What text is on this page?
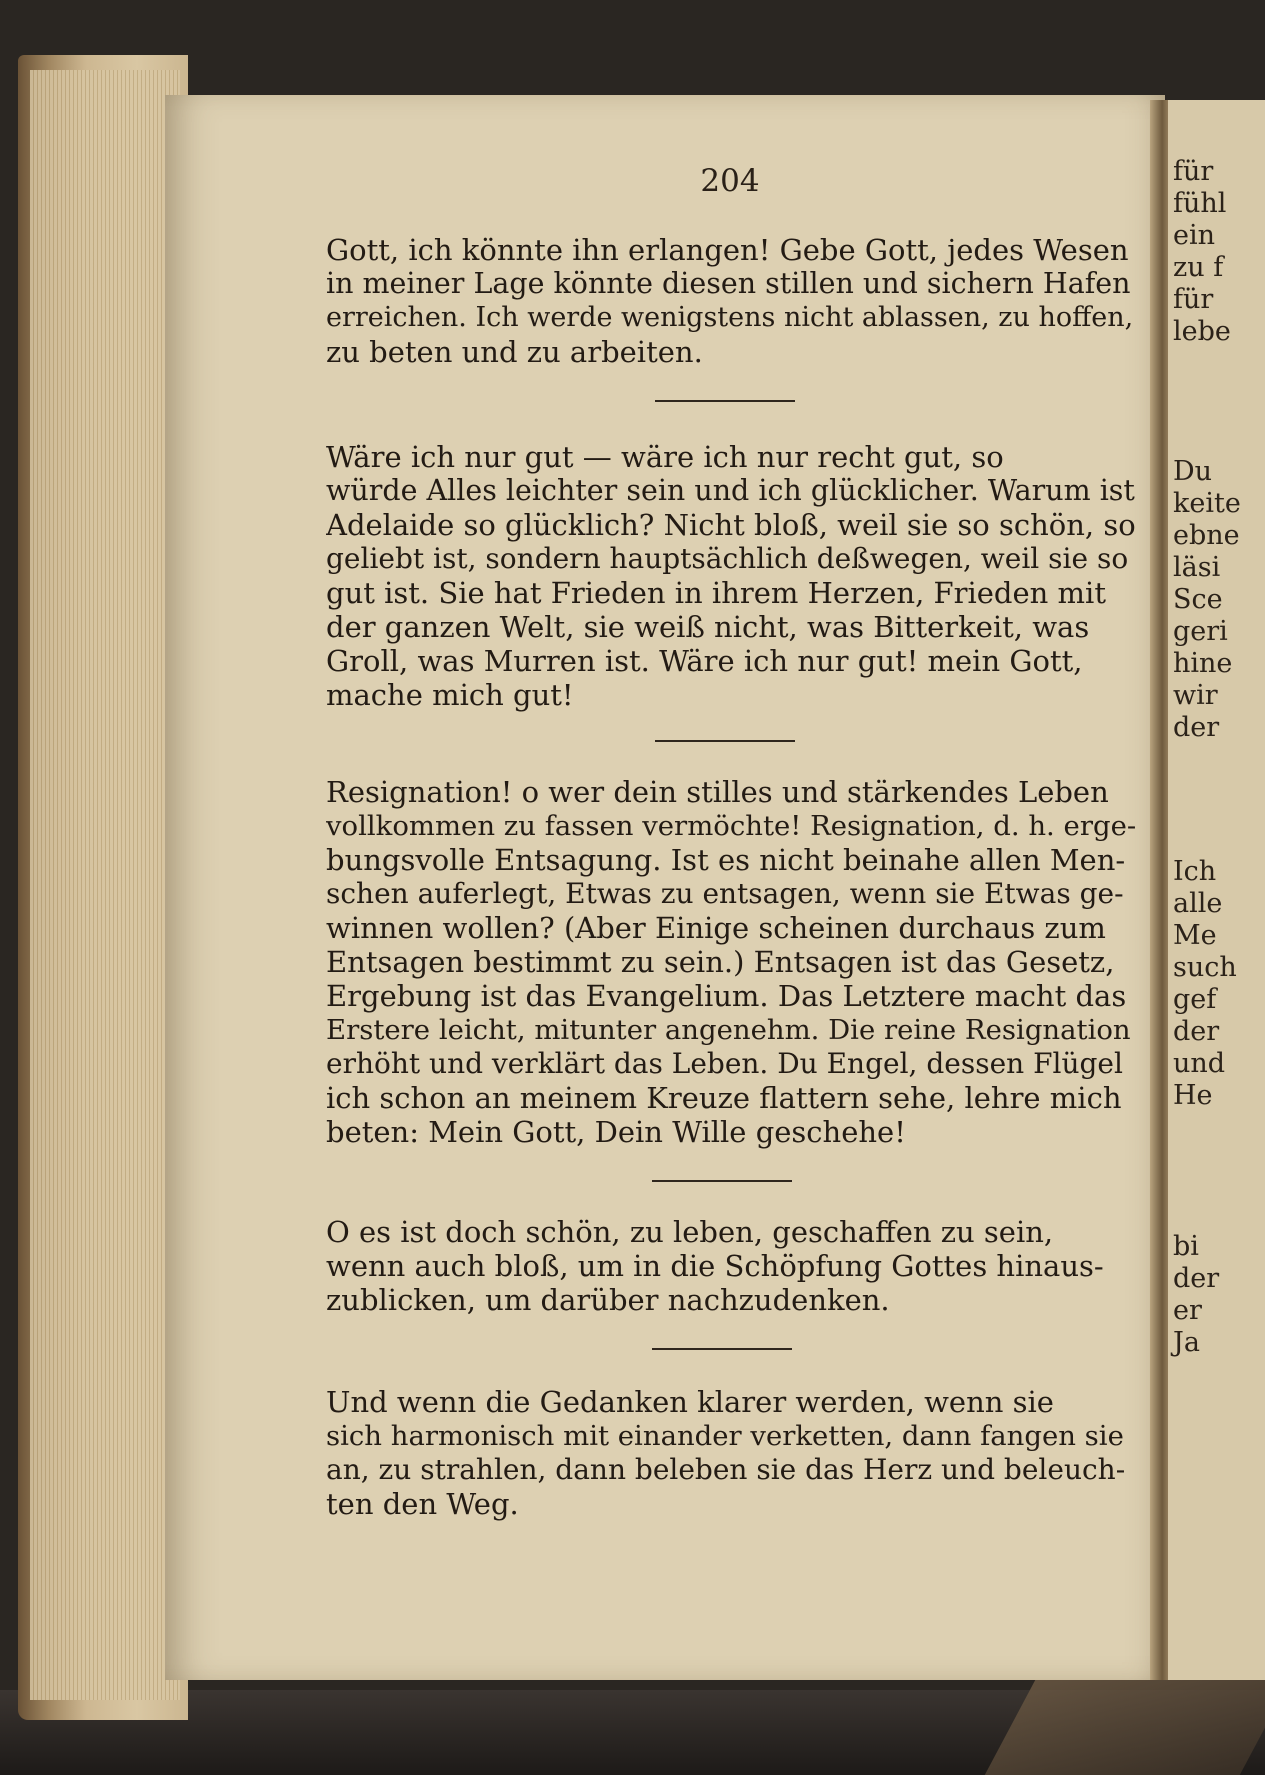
für
fühl
ein
zu f
für
lebe
Du
keite
ebne
läsi
Sce
geri
hine
wir
der
Ich
alle
Me
such
gef
der
und
He
bi
der
er
Ja
204
Gott, ich könnte ihn erlangen! Gebe Gott, jedes Wesen
in meiner Lage könnte diesen stillen und sichern Hafen
erreichen. Ich werde wenigstens nicht ablassen, zu hoffen,
zu beten und zu arbeiten.
Wäre ich nur gut — wäre ich nur recht gut, so
würde Alles leichter sein und ich glücklicher. Warum ist
Adelaide so glücklich? Nicht bloß, weil sie so schön, so
geliebt ist, sondern hauptsächlich deßwegen, weil sie so
gut ist. Sie hat Frieden in ihrem Herzen, Frieden mit
der ganzen Welt, sie weiß nicht, was Bitterkeit, was
Groll, was Murren ist. Wäre ich nur gut! mein Gott,
mache mich gut!
Resignation! o wer dein stilles und stärkendes Leben
vollkommen zu fassen vermöchte! Resignation, d. h. erge-
bungsvolle Entsagung. Ist es nicht beinahe allen Men-
schen auferlegt, Etwas zu entsagen, wenn sie Etwas ge-
winnen wollen? (Aber Einige scheinen durchaus zum
Entsagen bestimmt zu sein.) Entsagen ist das Gesetz,
Ergebung ist das Evangelium. Das Letztere macht das
Erstere leicht, mitunter angenehm. Die reine Resignation
erhöht und verklärt das Leben. Du Engel, dessen Flügel
ich schon an meinem Kreuze flattern sehe, lehre mich
beten: Mein Gott, Dein Wille geschehe!
O es ist doch schön, zu leben, geschaffen zu sein,
wenn auch bloß, um in die Schöpfung Gottes hinaus-
zublicken, um darüber nachzudenken.
Und wenn die Gedanken klarer werden, wenn sie
sich harmonisch mit einander verketten, dann fangen sie
an, zu strahlen, dann beleben sie das Herz und beleuch-
ten den Weg.
